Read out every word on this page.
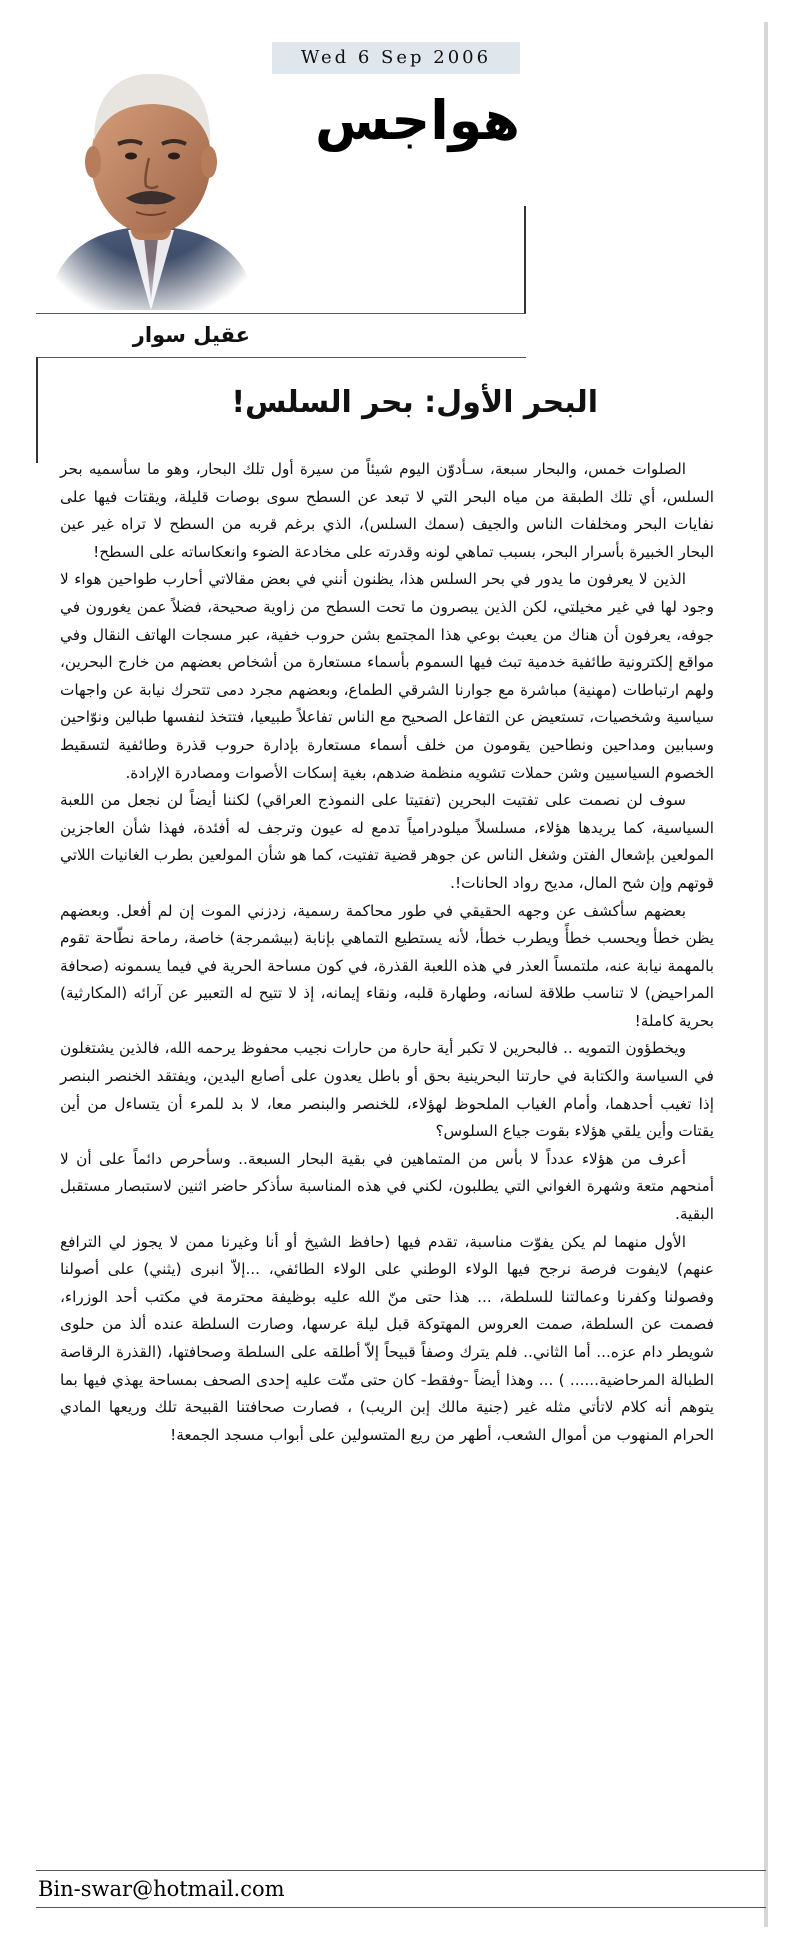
Wed 6 Sep 2006
هواجس
عقيل سوار
البحر الأول: بحر السلس!

الصلوات خمس، والبحار سبعة، سـأدوّن اليوم شيئاً من سيرة أول تلك البحار، وهو ما سأسميه بحر السلس، أي تلك الطبقة من مياه البحر التي لا تبعد عن السطح سوى بوصات قليلة، ويقتات فيها على نفايات البحر ومخلفات الناس والجيف (سمك السلس)، الذي برغم قربه من السطح لا تراه غير عين البحار الخبيرة بأسرار البحر، بسبب تماهي لونه وقدرته على مخادعة الضوء وانعكاساته على السطح!

الذين لا يعرفون ما يدور في بحر السلس هذا، يظنون أنني في بعض مقالاتي أحارب طواحين هواء لا وجود لها في غير مخيلتي، لكن الذين يبصرون ما تحت السطح من زاوية صحيحة، فضلاً عمن يغورون في جوفه، يعرفون أن هناك من يعبث بوعي هذا المجتمع بشن حروب خفية، عبر مسجات الهاتف النقال وفي مواقع إلكترونية طائفية خدمية تبث فيها السموم بأسماء مستعارة من أشخاص بعضهم من خارج البحرين، ولهم ارتباطات (مهنية) مباشرة مع جوارنا الشرقي الطماع، وبعضهم مجرد دمى تتحرك نيابة عن واجهات سياسية وشخصيات، تستعيض عن التفاعل الصحيح مع الناس تفاعلاً طبيعيا، فتتخذ لنفسها طبالين ونوّاحين وسبابين ومداحين ونطاحين يقومون من خلف أسماء مستعارة بإدارة حروب قذرة وطائفية لتسقيط الخصوم السياسيين وشن حملات تشويه منظمة ضدهم، بغية إسكات الأصوات ومصادرة الإرادة.

سوف لن نصمت على تفتيت البحرين (تفتيتا على النموذج العراقي) لكننا أيضاً لن نجعل من اللعبة السياسية، كما يريدها هؤلاء، مسلسلاً ميلودرامياً تدمع له عيون وترجف له أفئدة، فهذا شأن العاجزين المولعين بإشعال الفتن وشغل الناس عن جوهر قضية تفتيت، كما هو شأن المولعين بطرب الغانيات اللاتي قوتهم وإن شح المال، مديح رواد الحانات!.

بعضهم سأكشف عن وجهه الحقيقي في طور محاكمة رسمية، زدزني الموت إن لم أفعل. وبعضهم يظن خطأ ويحسب خطأً ويطرب خطأ، لأنه يستطيع التماهي بإنابة (بيشمرجة) خاصة، رماحة نطّاحة تقوم بالمهمة نيابة عنه، ملتمساً العذر في هذه اللعبة القذرة، في كون مساحة الحرية في فيما يسمونه (صحافة المراحيض) لا تناسب طلاقة لسانه، وطهارة قلبه، ونقاء إيمانه، إذ لا تتيح له التعبير عن آرائه (المكارثية) بحرية كاملة!

ويخطؤون التمويه .. فالبحرين لا تكبر أية حارة من حارات نجيب محفوظ يرحمه الله، فالذين يشتغلون في السياسة والكتابة في حارتنا البحرينية بحق أو باطل يعدون على أصابع اليدين، ويفتقد الخنصر البنصر إذا تغيب أحدهما، وأمام الغياب الملحوظ لهؤلاء، للخنصر والبنصر معا، لا بد للمرء أن يتساءل من أين يقتات وأين يلقي هؤلاء بقوت جياع السلوس؟

أعرف من هؤلاء عدداً لا بأس من المتماهين في بقية البحار السبعة.. وسأحرص دائماً على أن لا أمنحهم متعة وشهرة الغواني التي يطلبون، لكني في هذه المناسبة سأذكر حاضر اثنين لاستبصار مستقبل البقية.

الأول منهما لم يكن يفوّت مناسبة، تقدم فيها (حافظ الشيخ أو أنا وغيرنا ممن لا يجوز لي الترافع عنهم) لايفوت فرصة نرجح فيها الولاء الوطني على الولاء الطائفي، ...إلاّ انبرى (يثني) على أصولنا وفصولنا وكفرنا وعمالتنا للسلطة، ... هذا حتى منّ الله عليه بوظيفة محترمة في مكتب أحد الوزراء، فصمت عن السلطة، صمت العروس المهتوكة قبل ليلة عرسها، وصارت السلطة عنده ألذ من حلوى شويطر دام عزه... أما الثاني.. فلم يترك وصفاً قبيحاً إلاّ أطلقه على السلطة وصحافتها، (القذرة الرقاصة الطبالة المرحاضية...... ) ... وهذا أيضاً -وفقط- كان حتى متّت عليه إحدى الصحف بمساحة يهذي فيها بما يتوهم أنه كلام لاتأتي مثله غير (جنية مالك إبن الريب) ، فصارت صحافتنا القبيحة تلك وريعها المادي الحرام المنهوب من أموال الشعب، أطهر من ريع المتسولين على أبواب مسجد الجمعة!

Bin-swar@hotmail.com
